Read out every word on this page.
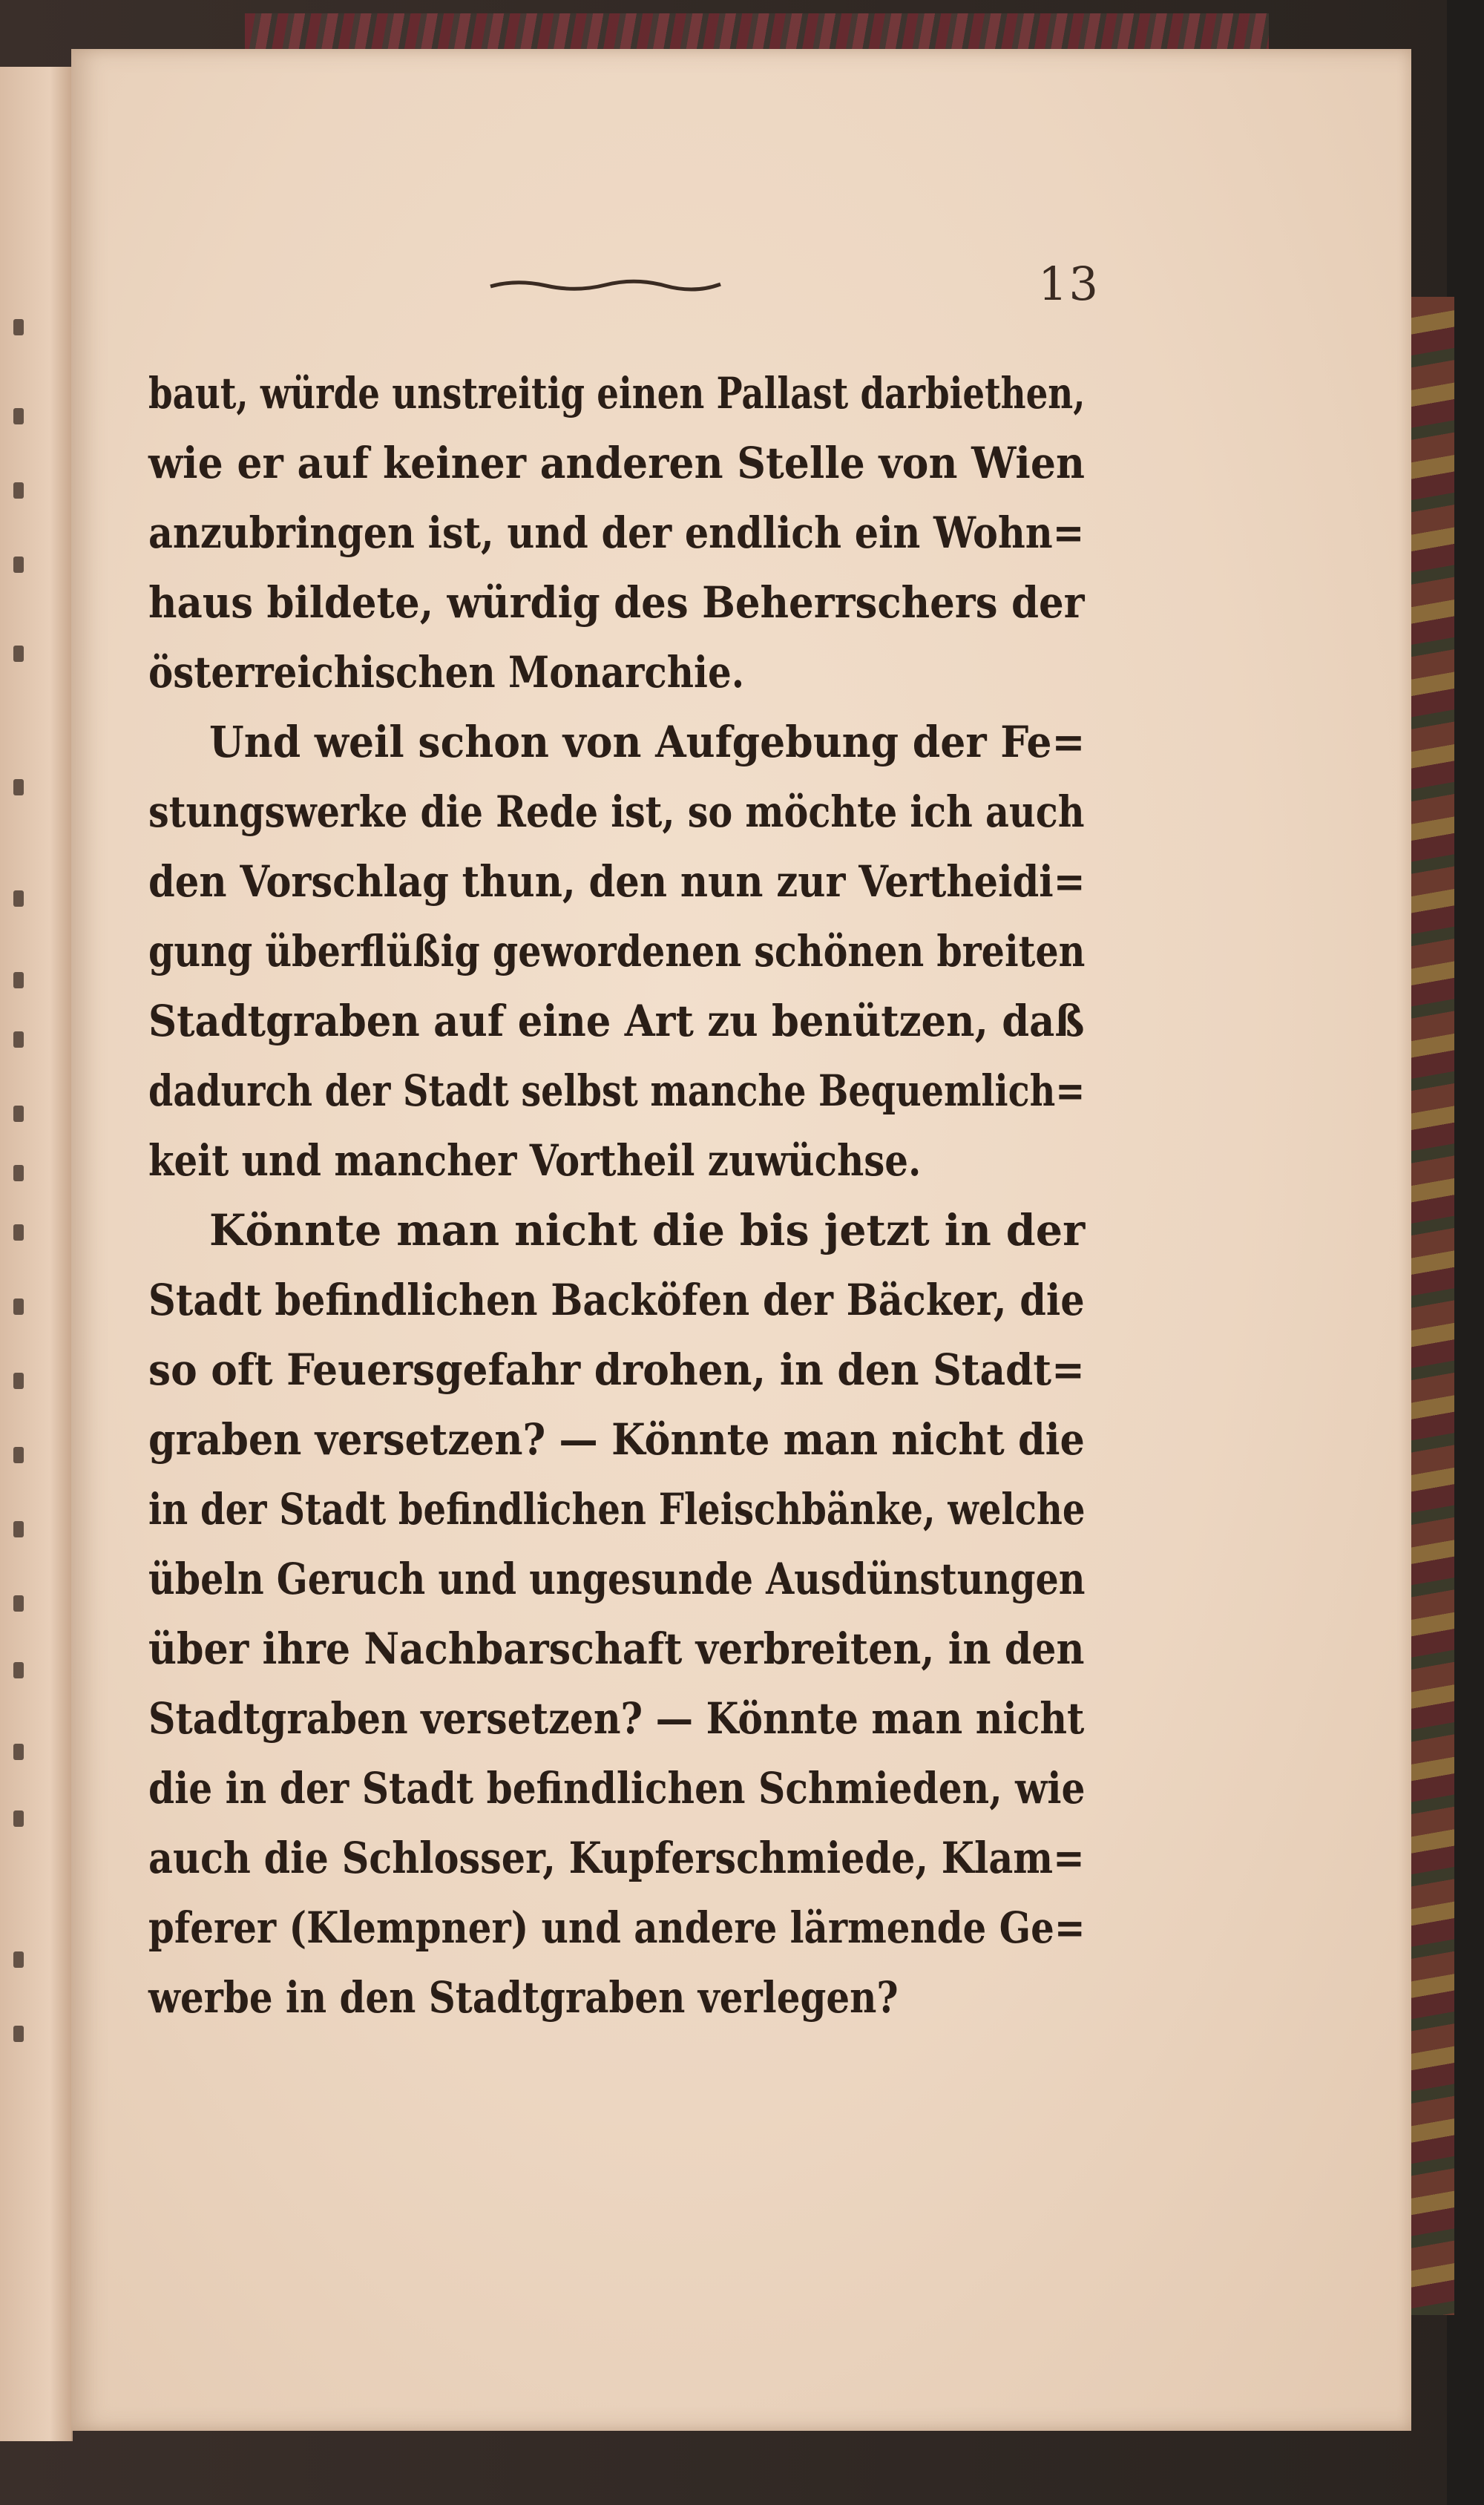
13
baut, würde unstreitig einen Pallast darbiethen,
wie er auf keiner anderen Stelle von Wien
anzubringen ist, und der endlich ein Wohn=
haus bildete, würdig des Beherrschers der
österreichischen Monarchie.
Und weil schon von Aufgebung der Fe=
stungswerke die Rede ist, so möchte ich auch
den Vorschlag thun, den nun zur Vertheidi=
gung überflüßig gewordenen schönen breiten
Stadtgraben auf eine Art zu benützen, daß
dadurch der Stadt selbst manche Bequemlich=
keit und mancher Vortheil zuwüchse.
Könnte man nicht die bis jetzt in der
Stadt befindlichen Backöfen der Bäcker, die
so oft Feuersgefahr drohen, in den Stadt=
graben versetzen? — Könnte man nicht die
in der Stadt befindlichen Fleischbänke, welche
übeln Geruch und ungesunde Ausdünstungen
über ihre Nachbarschaft verbreiten, in den
Stadtgraben versetzen? — Könnte man nicht
die in der Stadt befindlichen Schmieden, wie
auch die Schlosser, Kupferschmiede, Klam=
pferer (Klempner) und andere lärmende Ge=
werbe in den Stadtgraben verlegen?
